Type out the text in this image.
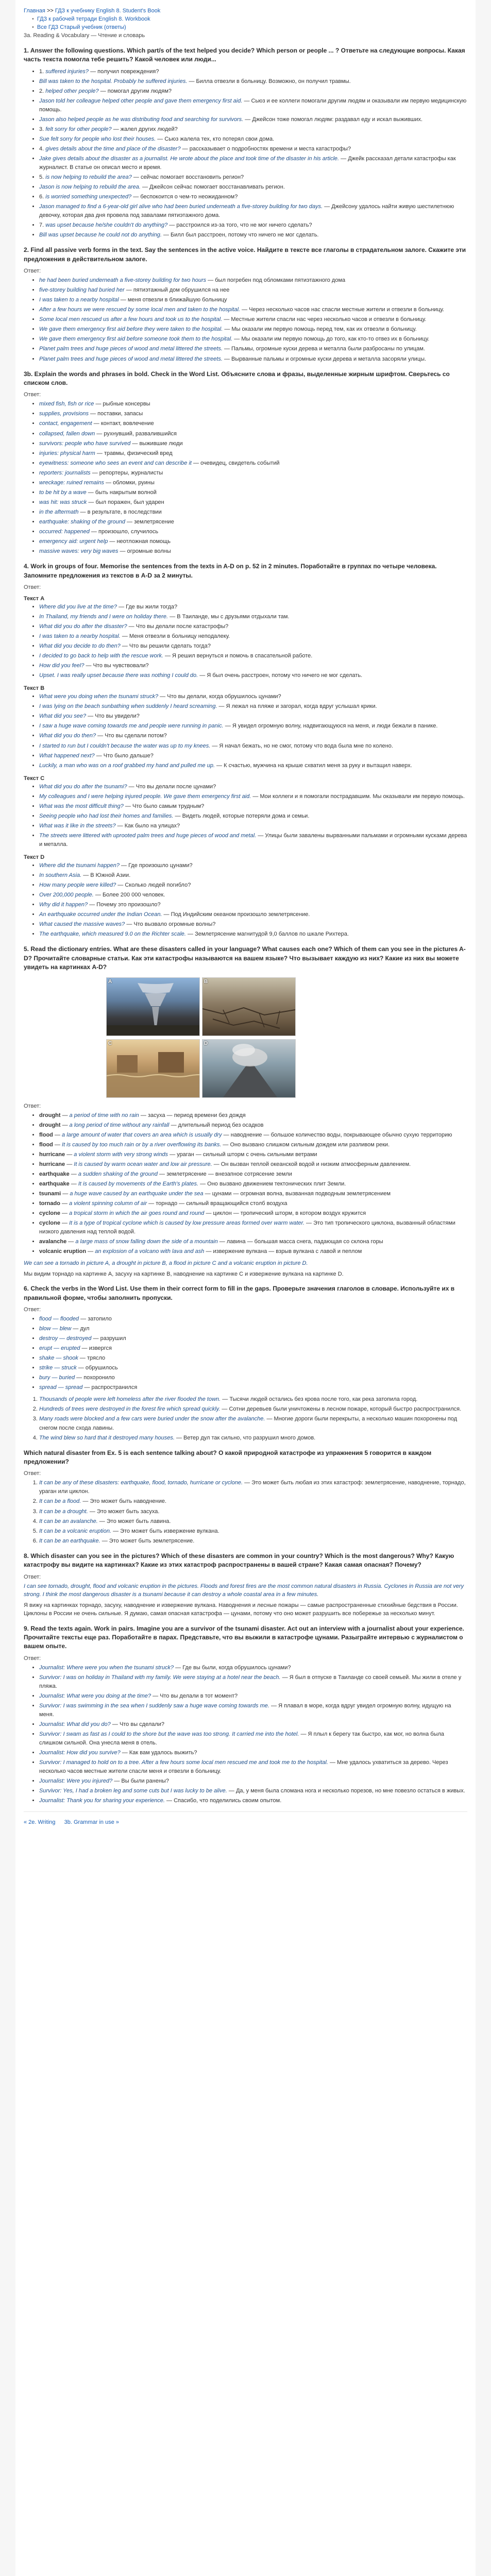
Главная >> ГДЗ к учебнику English 8. Student's Book
• ГДЗ к рабочей тетради English 8. Workbook
• Все ГДЗ Старый учебник (ответы)
3a. Reading & Vocabulary — Чтение и словарь
1. Answer the following questions. Which part/s of the text helped you decide? Which person or people ... ? Ответьте на следующие вопросы. Какая часть текста помогла тебе решить? Какой человек или люди...
• 1. suffered injuries? — получил повреждения?
• Bill was taken to the hospital. Probably he suffered injuries. — Билла отвезли в больницу. Возможно, он получил травмы.
• 2. helped other people? — помогал другим людям?
• Jason told her colleague helped other people and gave them emergency first aid. — Сьюз и ее коллеги помогали другим людям и оказывали им первую медицинскую помощь.
• Jason also helped people as he was distributing food and searching for survivors. — Джейсон тоже помогал людям: раздавал еду и искал выживших.
• 3. felt sorry for other people? — жалел других людей?
• Sue felt sorry for people who lost their houses. — Сьюз жалела тех, кто потерял свои дома.
• 4. gives details about the time and place of the disaster? — рассказывает о подробностях времени и места катастрофы?
• Jake gives details about the disaster as a journalist. He wrote about the place and took time of the disaster in his article. — Джейк рассказал детали катастрофы как журналист. В статье он описал место и время.
• 5. is now helping to rebuild the area? — сейчас помогает восстановить регион?
• Jason is now helping to rebuild the area. — Джейсон сейчас помогает восстанавливать регион.
• 6. is worried something unexpected? — беспокоится о чем-то неожиданном?
• Jason managed to find a 6-year-old girl alive who had been buried underneath a five-storey building for two days. — Джейсону удалось найти живую шестилетнюю девочку, которая два дня провела под завалами пятиэтажного дома.
• 7. was upset because he/she couldn't do anything? — расстроился из-за того, что не мог ничего сделать?
• Bill was upset because he could not do anything. — Билл был расстроен, потому что ничего не мог сделать.
2. Find all passive verb forms in the text. Say the sentences in the active voice. Найдите в тексте все глаголы в страдательном залоге. Скажите эти предложения в действительном залоге.
Ответ:
• he had been buried underneath a five-storey building for two hours — был погребен под обломками пятиэтажного дома
• five-storey building had buried her — пятиэтажный дом обрушился на нее
• I was taken to a nearby hospital — меня отвезли в ближайшую больницу
• After a few hours we were rescued by some local men and taken to the hospital. — Через несколько часов нас спасли местные жители и отвезли в больницу.
• Some local men rescued us after a few hours and took us to the hospital. — Местные жители спасли нас через несколько часов и отвезли в больницу.
• We gave them emergency first aid before they were taken to the hospital. — Мы оказали им первую помощь перед тем, как их отвезли в больницу.
• We gave them emergency first aid before someone took them to the hospital. — Мы оказали им первую помощь до того, как кто-то отвез их в больницу.
• Planet palm trees and huge pieces of wood and metal littered the streets. — Пальмы, огромные куски дерева и металла были разбросаны по улицам.
• Planet palm trees and huge pieces of wood and metal littered the streets. — Вырванные пальмы и огромные куски дерева и металла засоряли улицы.
3b. Explain the words and phrases in bold. Check in the Word List. Объясните слова и фразы, выделенные жирным шрифтом. Сверьтесь со списком слов.
Ответ:
• mixed fish, fish or rice — рыбные консервы
• supplies, provisions — поставки, запасы
• contact, engagement — контакт, вовлечение
• collapsed, fallen down — рухнувший, развалившийся
• survivors: people who have survived — выжившие люди
• injuries: physical harm — травмы, физический вред
• eyewitness: someone who sees an event and can describe it — очевидец, свидетель событий
• reporters: journalists — репортеры, журналисты
• wreckage: ruined remains — обломки, руины
• to be hit by a wave — быть накрытым волной
• was hit: was struck — был поражен, был ударен
• in the aftermath — в результате, в последствии
• earthquake: shaking of the ground — землетрясение
• occurred: happened — произошло, случилось
• emergency aid: urgent help — неотложная помощь
• massive waves: very big waves — огромные волны
4. Work in groups of four. Memorise the sentences from the texts in A-D on p. 52 in 2 minutes. Поработайте в группах по четыре человека. Запомните предложения из текстов в А-D за 2 минуты.
Ответ:
Текст А
• Where did you live at the time? — Где вы жили тогда?
• In Thailand, my friends and I were on holiday there. — В Таиланде, мы с друзьями отдыхали там.
• What did you do after the disaster? — Что вы делали после катастрофы?
• I was taken to a nearby hospital. — Меня отвезли в больницу неподалеку.
• What did you decide to do then? — Что вы решили сделать тогда?
• I decided to go back to help with the rescue work. — Я решил вернуться и помочь в спасательной работе.
• How did you feel? — Что вы чувствовали?
• Upset. I was really upset because there was nothing I could do. — Я был очень расстроен, потому что ничего не мог сделать.
Текст B
• What were you doing when the tsunami struck? — Что вы делали, когда обрушилось цунами?
• I was lying on the beach sunbathing when suddenly I heard screaming. — Я лежал на пляже и загорал, когда вдруг услышал крики.
• What did you see? — Что вы увидели?
• I saw a huge wave coming towards me and people were running in panic. — Я увидел огромную волну, надвигающуюся на меня, и люди бежали в панике.
• What did you do then? — Что вы сделали потом?
• I started to run but I couldn't because the water was up to my knees. — Я начал бежать, но не смог, потому что вода была мне по колено.
• What happened next? — Что было дальше?
• Luckily, a man who was on a roof grabbed my hand and pulled me up. — К счастью, мужчина на крыше схватил меня за руку и вытащил наверх.
Текст C
• What did you do after the tsunami? — Что вы делали после цунами?
• My colleagues and I were helping injured people. We gave them emergency first aid. — Мои коллеги и я помогали пострадавшим. Мы оказывали им первую помощь.
• What was the most difficult thing? — Что было самым трудным?
• Seeing people who had lost their homes and families. — Видеть людей, которые потеряли дома и семьи.
• What was it like in the streets? — Как было на улицах?
• The streets were littered with uprooted palm trees and huge pieces of wood and metal. — Улицы были завалены вырванными пальмами и огромными кусками дерева и металла.
Текст D
• Where did the tsunami happen? — Где произошло цунами?
• In southern Asia. — В Южной Азии.
• How many people were killed? — Сколько людей погибло?
• Over 200,000 people. — Более 200 000 человек.
• Why did it happen? — Почему это произошло?
• An earthquake occurred under the Indian Ocean. — Под Индийским океаном произошло землетрясение.
• What caused the massive waves? — Что вызвало огромные волны?
• The earthquake, which measured 9.0 on the Richter scale. — Землетрясение магнитудой 9,0 баллов по шкале Рихтера.
5. Read the dictionary entries. What are these disasters called in your language? What causes each one? Which of them can you see in the pictures A-D? Прочитайте словарные статьи. Как эти катастрофы называются на вашем языке? Что вызывает каждую из них? Какие из них вы можете увидеть на картинках А-D?
A	B
C	D
Ответ:
• drought — a period of time with no rain — засуха — период времени без дождя
• drought — a long period of time without any rainfall — длительный период без осадков
• flood — a large amount of water that covers an area which is usually dry — наводнение — большое количество воды, покрывающее обычно сухую территорию
• flood — It is caused by too much rain or by a river overflowing its banks. — Оно вызвано слишком сильным дождем или разливом реки.
• hurricane — a violent storm with very strong winds — ураган — сильный шторм с очень сильными ветрами
• hurricane — It is caused by warm ocean water and low air pressure. — Он вызван теплой океанской водой и низким атмосферным давлением.
• earthquake — a sudden shaking of the ground — землетрясение — внезапное сотрясение земли
• earthquake — It is caused by movements of the Earth's plates. — Оно вызвано движением тектонических плит Земли.
• tsunami — a huge wave caused by an earthquake under the sea — цунами — огромная волна, вызванная подводным землетрясением
• tornado — a violent spinning column of air — торнадо — сильный вращающийся столб воздуха
• cyclone — a tropical storm in which the air goes round and round — циклон — тропический шторм, в котором воздух кружится
• cyclone — It is a type of tropical cyclone which is caused by low pressure areas formed over warm water. — Это тип тропического циклона, вызванный областями низкого давления над теплой водой.
• avalanche — a large mass of snow falling down the side of a mountain — лавина — большая масса снега, падающая со склона горы
• volcanic eruption — an explosion of a volcano with lava and ash — извержение вулкана — взрыв вулкана с лавой и пеплом
We can see a tornado in picture A, a drought in picture B, a flood in picture C and a volcanic eruption in picture D.
Мы видим торнадо на картинке А, засуху на картинке В, наводнение на картинке С и извержение вулкана на картинке D.
6. Check the verbs in the Word List. Use them in their correct form to fill in the gaps. Проверьте значения глаголов в словаре. Используйте их в правильной форме, чтобы заполнить пропуски.
Ответ:
• flood — flooded — затопило
• blow — blew — дул
• destroy — destroyed — разрушил
• erupt — erupted — извергся
• shake — shook — трясло
• strike — struck — обрушилось
• bury — buried — похоронило
• spread — spread — распространился
1. Thousands of people were left homeless after the river flooded the town. — Тысячи людей остались без крова после того, как река затопила город.
2. Hundreds of trees were destroyed in the forest fire which spread quickly. — Сотни деревьев были уничтожены в лесном пожаре, который быстро распространился.
3. Many roads were blocked and a few cars were buried under the snow after the avalanche. — Многие дороги были перекрыты, а несколько машин похоронены под снегом после схода лавины.
4. The wind blew so hard that it destroyed many houses. — Ветер дул так сильно, что разрушил много домов.
Which natural disaster from Ex. 5 is each sentence talking about? О какой природной катастрофе из упражнения 5 говорится в каждом предложении?
Ответ:
1. It can be any of these disasters: earthquake, flood, tornado, hurricane or cyclone. — Это может быть любая из этих катастроф: землетрясение, наводнение, торнадо, ураган или циклон.
2. It can be a flood. — Это может быть наводнение.
3. It can be a drought. — Это может быть засуха.
4. It can be an avalanche. — Это может быть лавина.
5. It can be a volcanic eruption. — Это может быть извержение вулкана.
6. It can be an earthquake. — Это может быть землетрясение.
8. Which disaster can you see in the pictures? Which of these disasters are common in your country? Which is the most dangerous? Why? Какую катастрофу вы видите на картинках? Какие из этих катастроф распространены в вашей стране? Какая самая опасная? Почему?
Ответ:
I can see tornado, drought, flood and volcanic eruption in the pictures. Floods and forest fires are the most common natural disasters in Russia. Cyclones in Russia are not very strong. I think the most dangerous disaster is a tsunami because it can destroy a whole coastal area in a few minutes.
Я вижу на картинках торнадо, засуху, наводнение и извержение вулкана. Наводнения и лесные пожары — самые распространенные стихийные бедствия в России. Циклоны в России не очень сильные. Я думаю, самая опасная катастрофа — цунами, потому что оно может разрушить все побережье за несколько минут.
9. Read the texts again. Work in pairs. Imagine you are a survivor of the tsunami disaster. Act out an interview with a journalist about your experience. Прочитайте тексты еще раз. Поработайте в парах. Представьте, что вы выжили в катастрофе цунами. Разыграйте интервью с журналистом о вашем опыте.
Ответ:
• Journalist: Where were you when the tsunami struck? — Где вы были, когда обрушилось цунами?
• Survivor: I was on holiday in Thailand with my family. We were staying at a hotel near the beach. — Я был в отпуске в Таиланде со своей семьей. Мы жили в отеле у пляжа.
• Journalist: What were you doing at the time? — Что вы делали в тот момент?
• Survivor: I was swimming in the sea when I suddenly saw a huge wave coming towards me. — Я плавал в море, когда вдруг увидел огромную волну, идущую на меня.
• Journalist: What did you do? — Что вы сделали?
• Survivor: I swam as fast as I could to the shore but the wave was too strong. It carried me into the hotel. — Я плыл к берегу так быстро, как мог, но волна была слишком сильной. Она унесла меня в отель.
• Journalist: How did you survive? — Как вам удалось выжить?
• Survivor: I managed to hold on to a tree. After a few hours some local men rescued me and took me to the hospital. — Мне удалось ухватиться за дерево. Через несколько часов местные жители спасли меня и отвезли в больницу.
• Journalist: Were you injured? — Вы были ранены?
• Survivor: Yes, I had a broken leg and some cuts but I was lucky to be alive. — Да, у меня была сломана нога и несколько порезов, но мне повезло остаться в живых.
• Journalist: Thank you for sharing your experience. — Спасибо, что поделились своим опытом.
« 2e. Writing 3b. Grammar in use »
